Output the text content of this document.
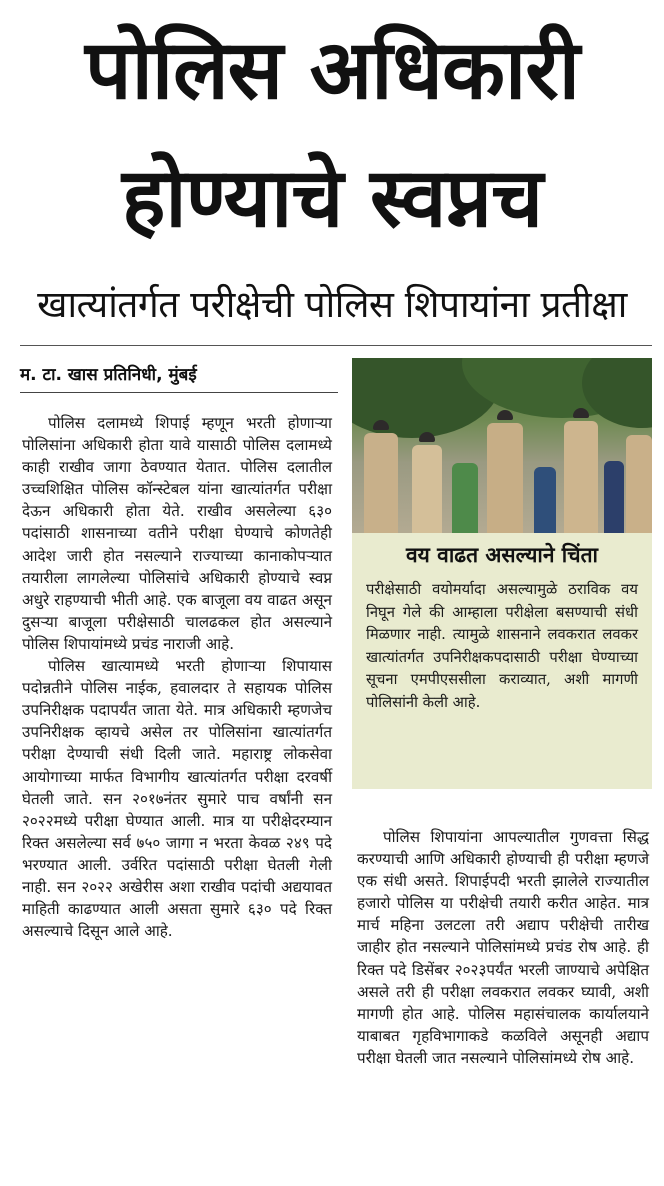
पोलिस अधिकारी
होण्याचे स्वप्नच
खात्यांतर्गत परीक्षेची पोलिस शिपायांना प्रतीक्षा
म. टा. खास प्रतिनिधी, मुंबई

पोलिस दलामध्ये शिपाई म्हणून भरती होणाऱ्या पोलिसांना अधिकारी होता यावे यासाठी पोलिस दलामध्ये काही राखीव जागा ठेवण्यात येतात. पोलिस दलातील उच्चशिक्षित पोलिस कॉन्स्टेबल यांना खात्यांतर्गत परीक्षा देऊन अधिकारी होता येते. राखीव असलेल्या ६३० पदांसाठी शासनाच्या वतीने परीक्षा घेण्याचे कोणतेही आदेश जारी होत नसल्याने राज्याच्या कानाकोपऱ्यात तयारीला लागलेल्या पोलिसांचे अधिकारी होण्याचे स्वप्न अधुरे राहण्याची भीती आहे. एक बाजूला वय वाढत असून दुसऱ्या बाजूला परीक्षेसाठी चालढकल होत असल्याने पोलिस शिपायांमध्ये प्रचंड नाराजी आहे.

पोलिस खात्यामध्ये भरती होणाऱ्या शिपायास पदोन्नतीने पोलिस नाईक, हवालदार ते सहायक पोलिस उपनिरीक्षक पदापर्यंत जाता येते. मात्र अधिकारी म्हणजेच उपनिरीक्षक व्हायचे असेल तर पोलिसांना खात्यांतर्गत परीक्षा देण्याची संधी दिली जाते. महाराष्ट्र लोकसेवा आयोगाच्या मार्फत विभागीय खात्यांतर्गत परीक्षा दरवर्षी घेतली जाते. सन २०१७नंतर सुमारे पाच वर्षांनी सन २०२२मध्ये परीक्षा घेण्यात आली. मात्र या परीक्षेदरम्यान रिक्त असलेल्या सर्व ७५० जागा न भरता केवळ २४९ पदे भरण्यात आली. उर्वरित पदांसाठी परीक्षा घेतली गेली नाही. सन २०२२ अखेरीस अशा राखीव पदांची अद्ययावत माहिती काढण्यात आली असता सुमारे ६३० पदे रिक्त असल्याचे दिसून आले आहे.

वय वाढत असल्याने चिंता

परीक्षेसाठी वयोमर्यादा असल्यामुळे ठराविक वय निघून गेले की आम्हाला परीक्षेला बसण्याची संधी मिळणार नाही. त्यामुळे शासनाने लवकरात लवकर खात्यांतर्गत उपनिरीक्षकपदासाठी परीक्षा घेण्याच्या सूचना एमपीएससीला कराव्यात, अशी मागणी पोलिसांनी केली आहे.

पोलिस शिपायांना आपल्यातील गुणवत्ता सिद्ध करण्याची आणि अधिकारी होण्याची ही परीक्षा म्हणजे एक संधी असते. शिपाईपदी भरती झालेले राज्यातील हजारो पोलिस या परीक्षेची तयारी करीत आहेत. मात्र मार्च महिना उलटला तरी अद्याप परीक्षेची तारीख जाहीर होत नसल्याने पोलिसांमध्ये प्रचंड रोष आहे. ही रिक्त पदे डिसेंबर २०२३पर्यंत भरली जाण्याचे अपेक्षित असले तरी ही परीक्षा लवकरात लवकर घ्यावी, अशी मागणी होत आहे. पोलिस महासंचालक कार्यालयाने याबाबत गृहविभागाकडे कळविले असूनही अद्याप परीक्षा घेतली जात नसल्याने पोलिसांमध्ये रोष आहे.
